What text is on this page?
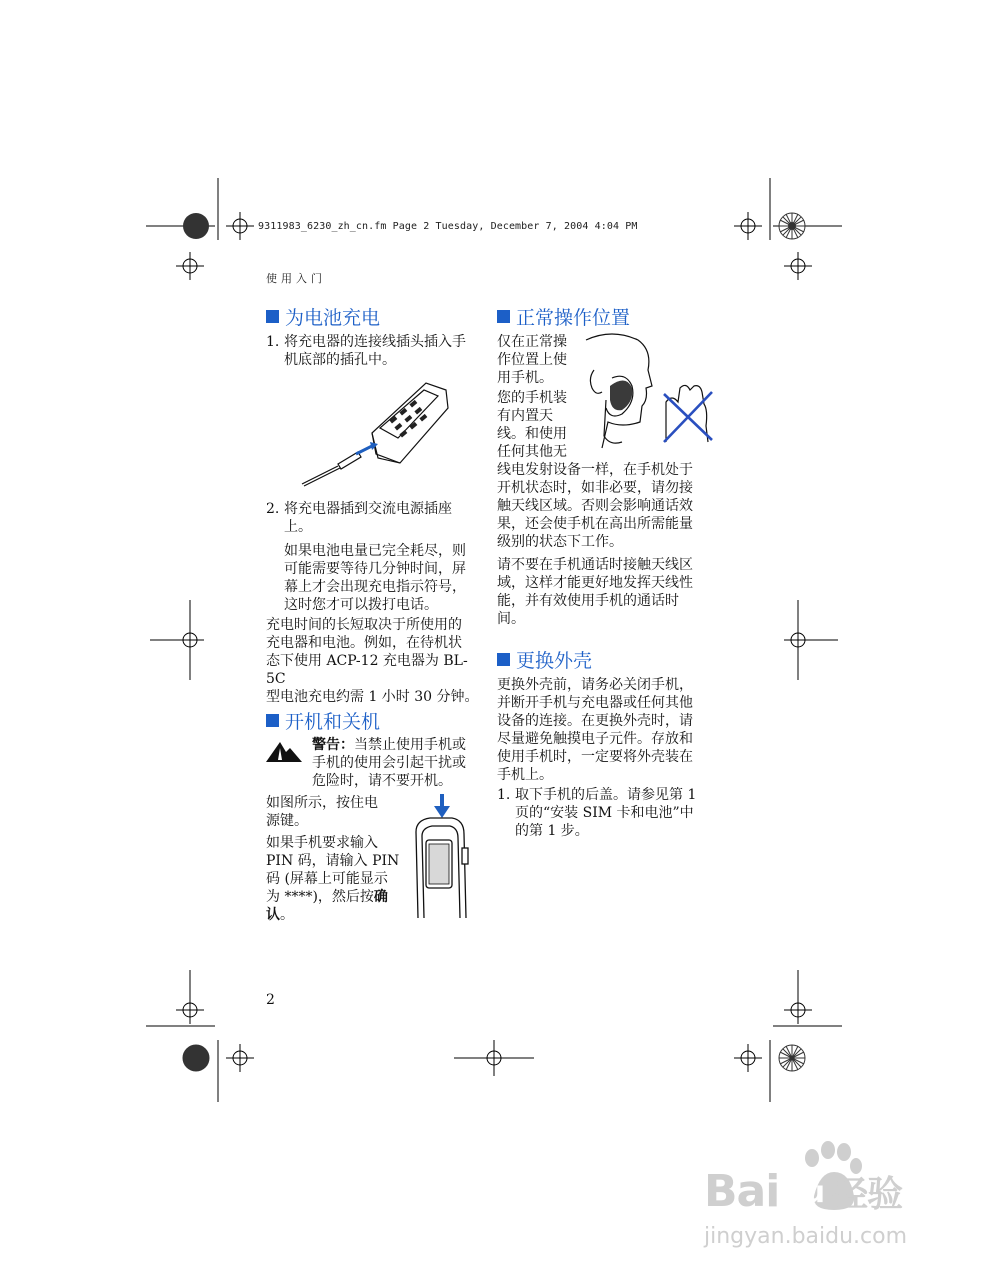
9311983_6230_zh_cn.fm Page 2 Tuesday, December 7, 2004 4:04 PM
使用入门
为电池充电
1. 将充电器的连接线插头插入手
机底部的插孔中。
2. 将充电器插到交流电源插座
上。
如果电池电量已完全耗尽，则
可能需要等待几分钟时间，屏
幕上才会出现充电指示符号，
这时您才可以拨打电话。
充电时间的长短取决于所使用的
充电器和电池。例如，在待机状
态下使用 ACP-12 充电器为 BL-5C
型电池充电约需 1 小时 30 分钟。
开机和关机
警告：当禁止使用手机或
手机的使用会引起干扰或
危险时，请不要开机。
如图所示，按住电
源键。
如果手机要求输入
PIN 码，请输入 PIN
码 (屏幕上可能显示
为 ****)，然后按确
认。
正常操作位置
仅在正常操
作位置上使
用手机。
您的手机装
有内置天
线。和使用
任何其他无
线电发射设备一样，在手机处于
开机状态时，如非必要，请勿接
触天线区域。否则会影响通话效
果，还会使手机在高出所需能量
级别的状态下工作。
请不要在手机通话时接触天线区
域，这样才能更好地发挥天线性
能，并有效使用手机的通话时
间。
更换外壳
更换外壳前，请务必关闭手机，
并断开手机与充电器或任何其他
设备的连接。在更换外壳时，请
尽量避免触摸电子元件。存放和
使用手机时，一定要将外壳装在
手机上。
1. 取下手机的后盖。请参见第 1
页的“安装 SIM 卡和电池”中
的第 1 步。
2
Bai du 经验
jingyan.baidu.com
